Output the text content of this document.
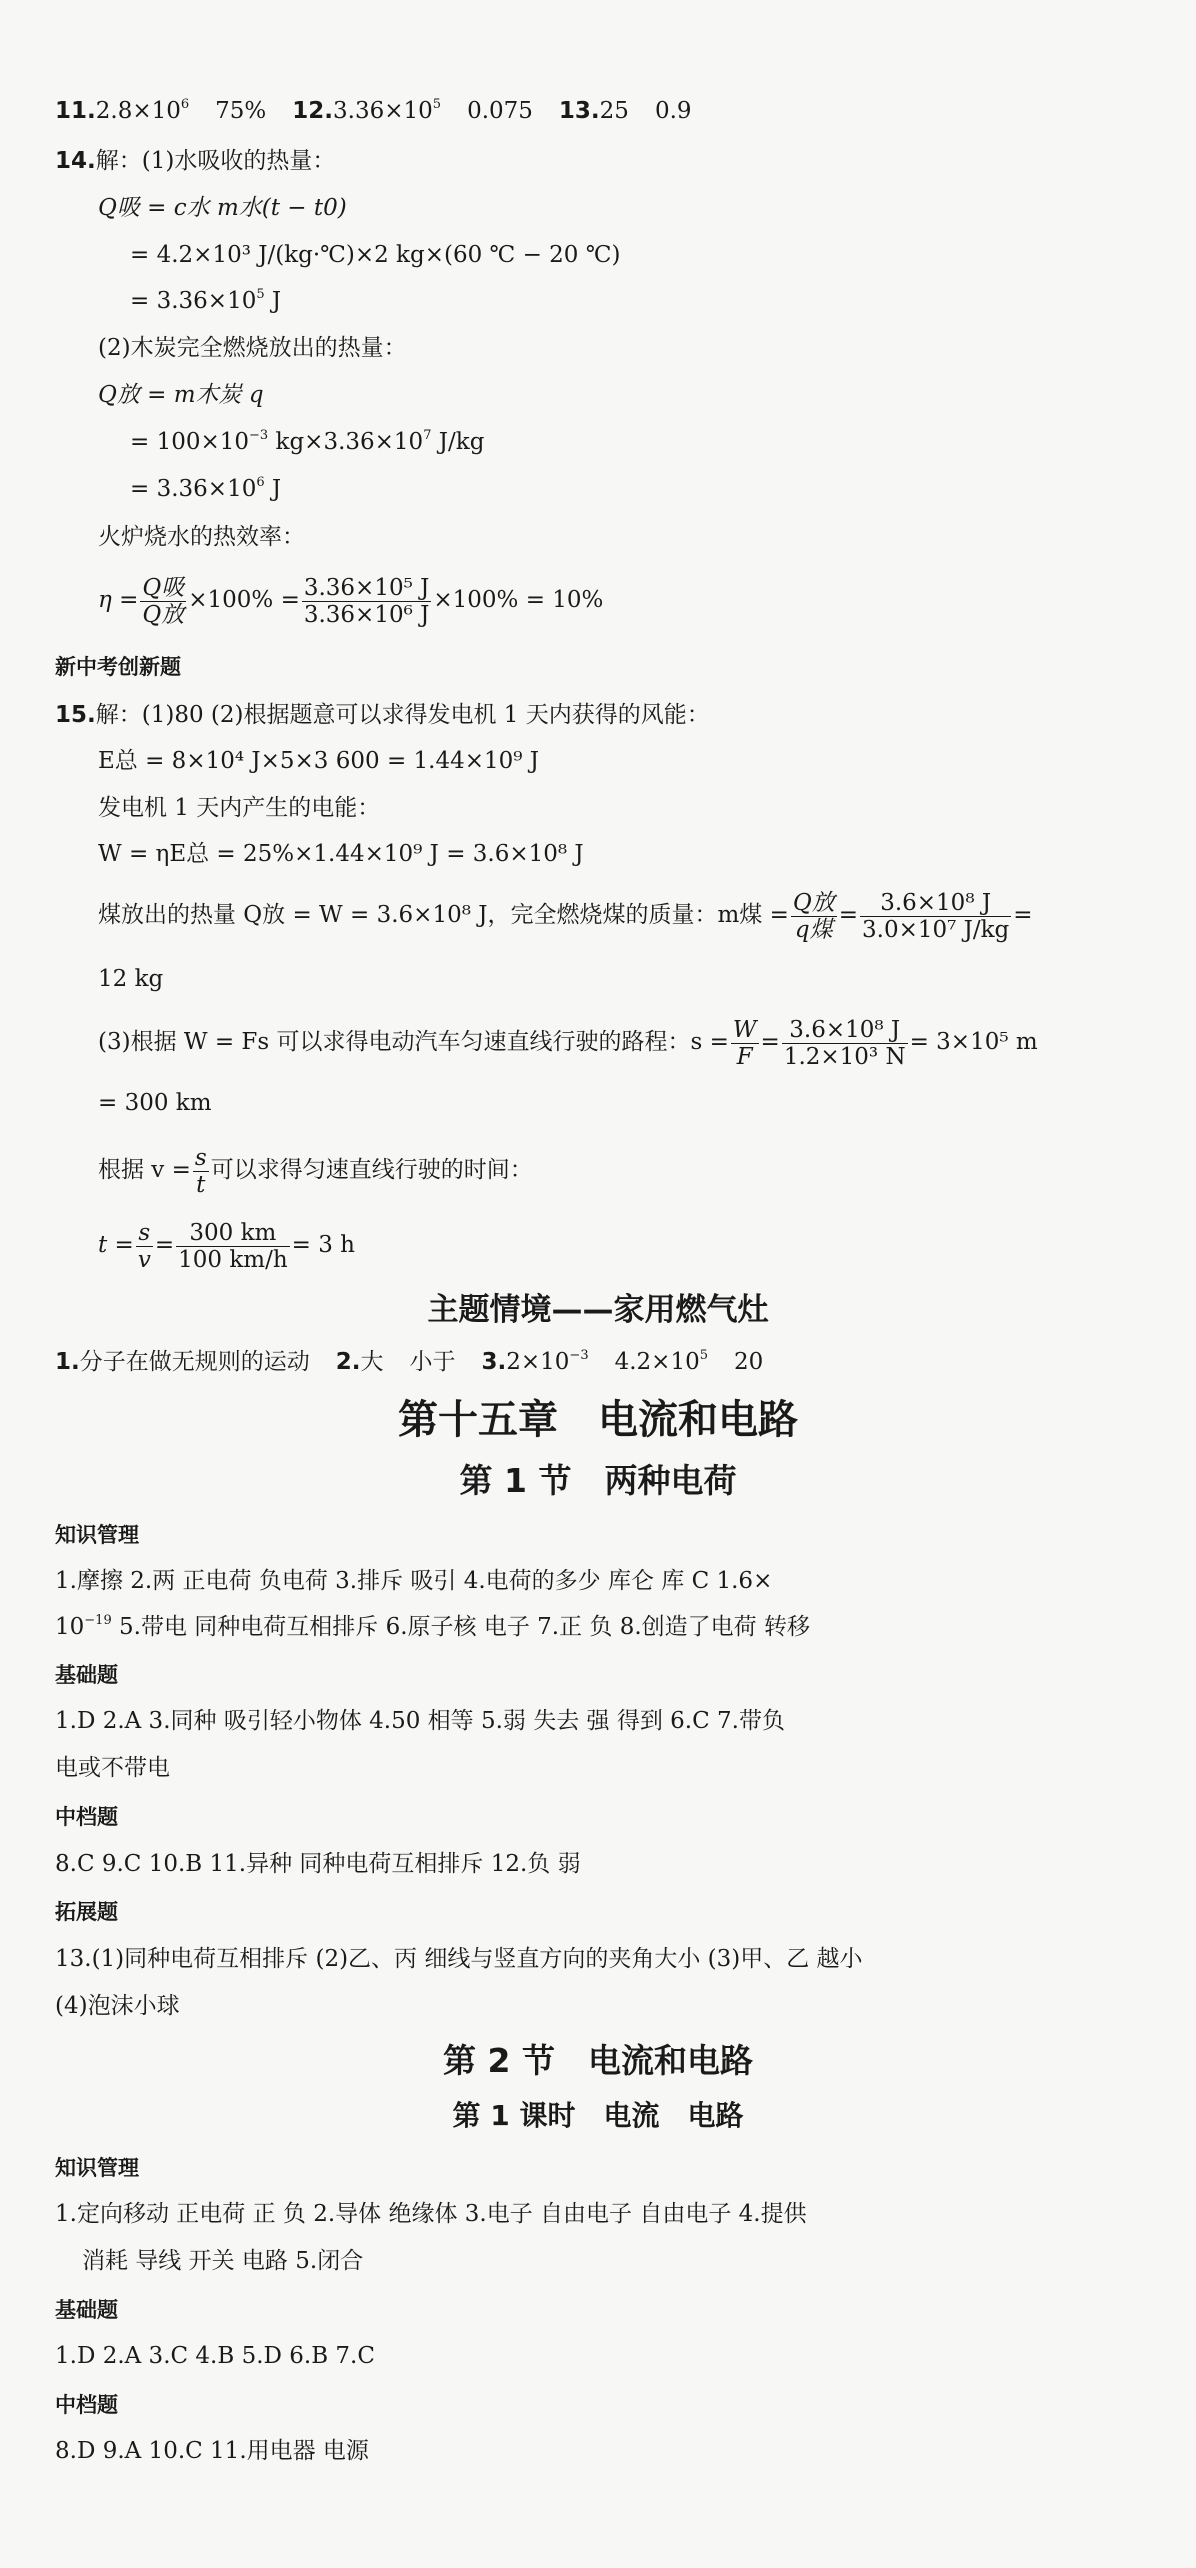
$11.2.8\times 10^6$ 75% $12.3.36\times 10^5$ 0.075 13.25 0.9
14.解：(1)水吸收的热量：
Q吸 = c水 m水(t − t0)
= 4.2×10³ J/(kg·℃)×2 kg×(60 ℃ − 20 ℃)
= $3.36\times 10^5$ J
(2)木炭完全燃烧放出的热量：
Q放 = m木炭 q
= $100\times 10^{-3}$ $kg\times 3.36\times 10^7$ J/kg
= $3.36\times 10^6$ J
火炉烧水的热效率：
$\eta = \frac{\text{Q吸}}{\text{Q放}} \times 100\% = \frac{\text{3.36×10⁵ J}}{\text{3.36×10⁶ J}} \times 100\% = 10\%$
新中考创新题
15.解：(1)80 (2)根据题意可以求得发电机 1 天内获得的风能：
E总 = 8×10⁴ J×5×3 600 = 1.44×10⁹ J
发电机 1 天内产生的电能：
W = ηE总 = 25%×1.44×10⁹ J = 3.6×10⁸ J
煤放出的热量 Q放 = W = 3.6×10⁸ J，完全燃烧煤的质量：m煤 = $\frac{\text{Q放}}{\text{q煤}} = \frac{\text{3.6×10⁸ J}}{\text{3.0×10⁷ J/kg}}$ =
12 kg
(3)根据 W = Fs 可以求得电动汽车匀速直线行驶的路程：$s = \frac{W}{F} = \frac{\text{3.6×10⁸ J}}{\text{1.2×10³ N}} = 3\times 10^5$ m
= 300 km
根据 $v = \frac{s}{t}$ 可以求得匀速直线行驶的时间：
$t = \frac{s}{v} = \frac{300 km}{100 km/h} = 3$ h
主题情境——家用燃气灶
1.分子在做无规则的运动 2.大 小于 $3.2\times 10^{-3}$ $4.2\times 10^5$ 20
第十五章　电流和电路
第 1 节　两种电荷
知识管理
1.摩擦 2.两 正电荷 负电荷 3.排斥 吸引 4.电荷的多少 库仑 库 C 1.6×
$10^{-19}$ 5.带电 同种电荷互相排斥 6.原子核 电子 7.正 负 8.创造了电荷 转移
基础题
1.D 2.A 3.同种 吸引轻小物体 4.50 相等 5.弱 失去 强 得到 6.C 7.带负
电或不带电
中档题
8.C 9.C 10.B 11.异种 同种电荷互相排斥 12.负 弱
拓展题
13.(1)同种电荷互相排斥 (2)乙、丙 细线与竖直方向的夹角大小 (3)甲、乙 越小
(4)泡沫小球
第 2 节　电流和电路
第 1 课时　电流　电路
知识管理
1.定向移动 正电荷 正 负 2.导体 绝缘体 3.电子 自由电子 自由电子 4.提供
消耗 导线 开关 电路 5.闭合
基础题
1.D 2.A 3.C 4.B 5.D 6.B 7.C
中档题
8.D 9.A 10.C 11.用电器 电源
